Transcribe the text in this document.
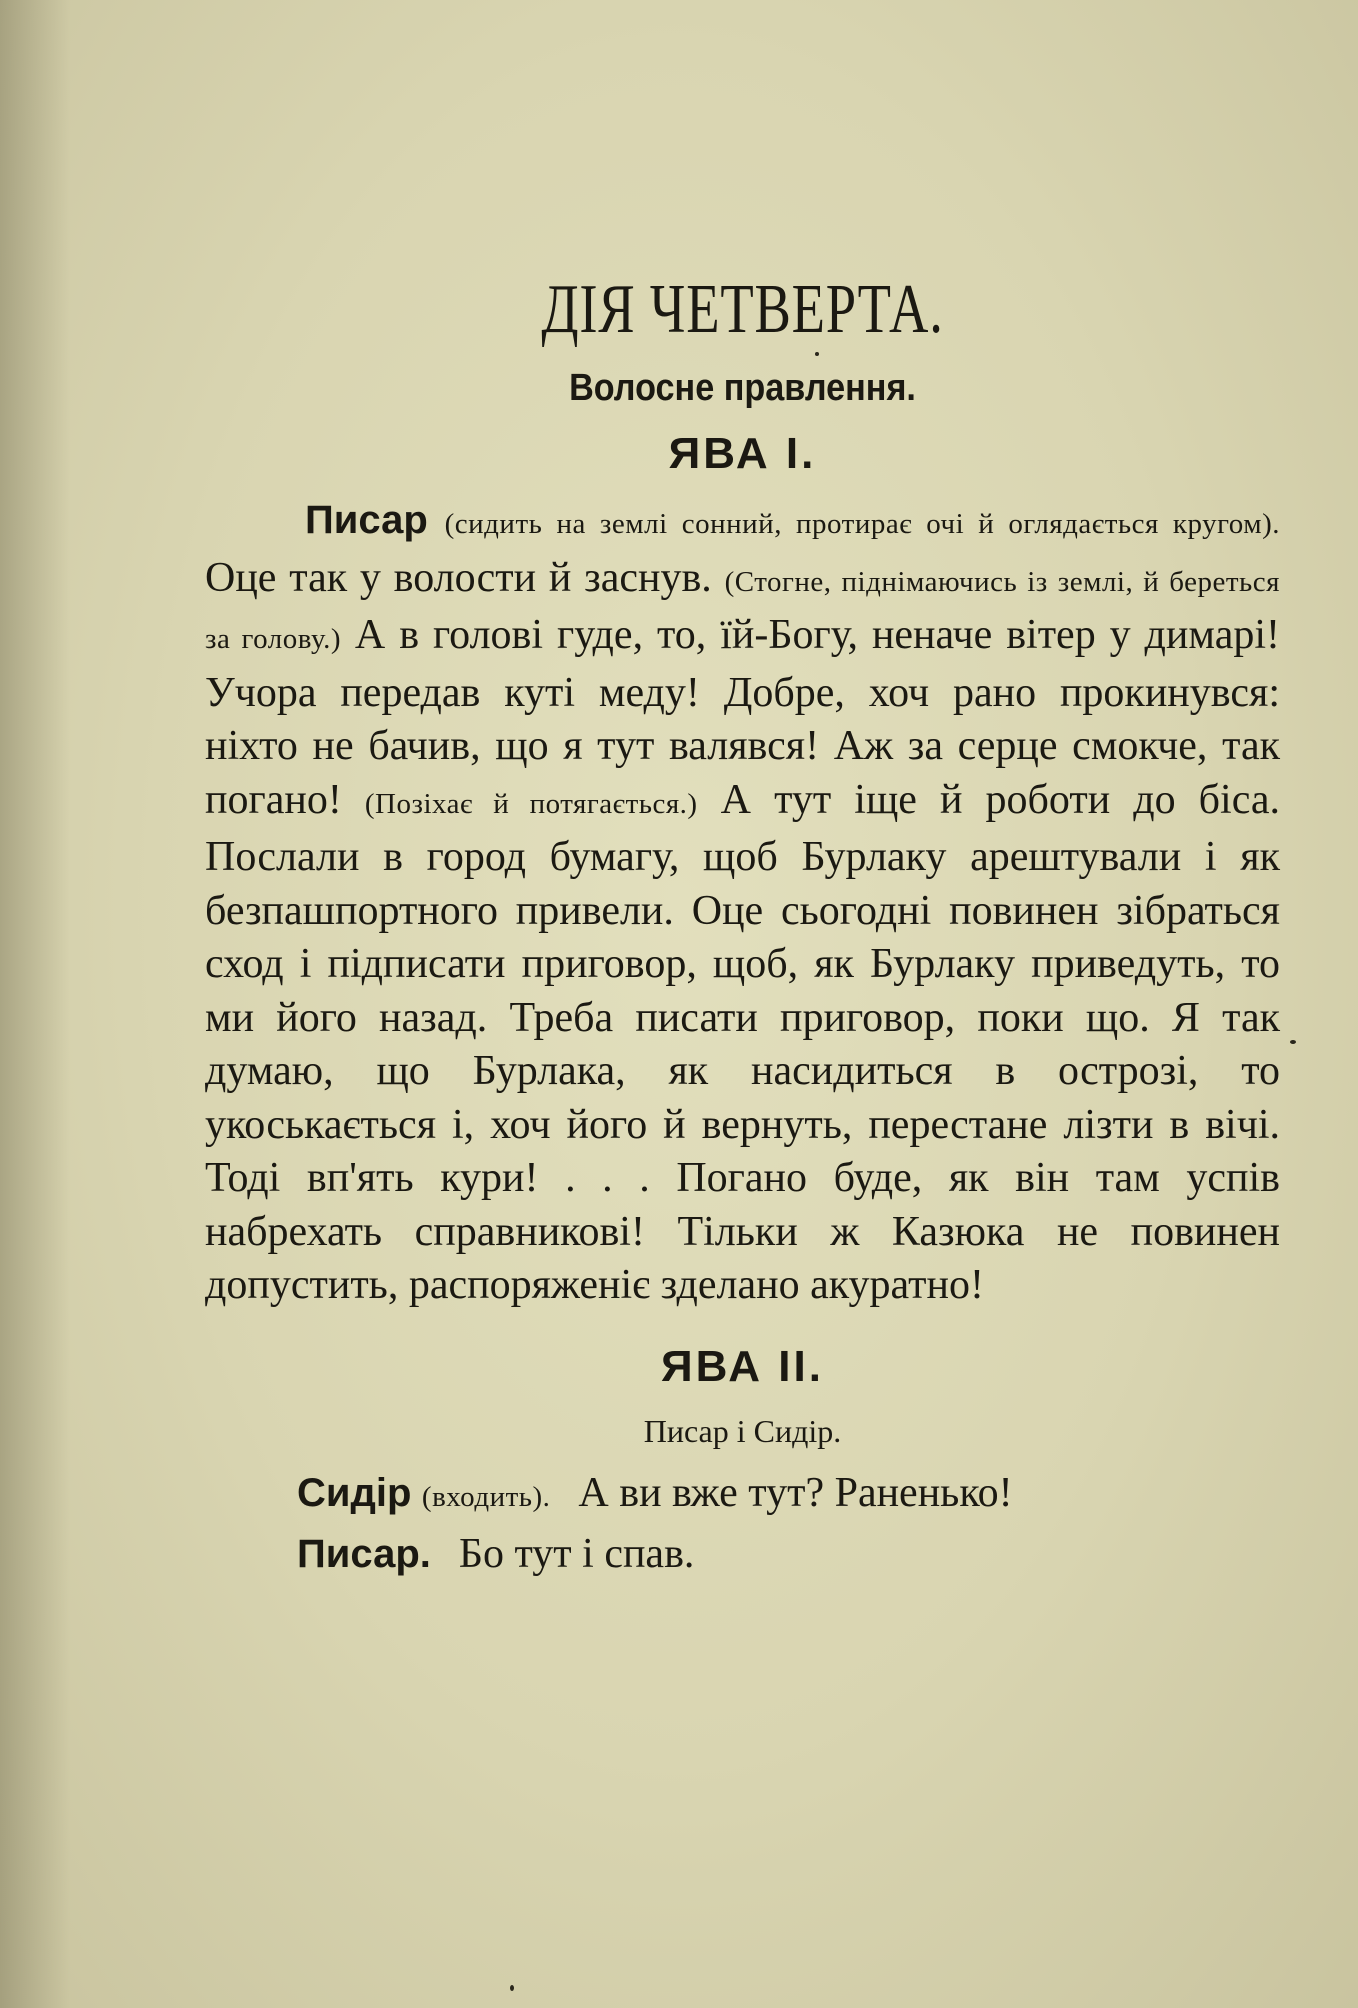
ДІЯ ЧЕТВЕРТА.
Волосне правлення.
ЯВА І.

Писар (сидить на землі сонний, протирає очі й оглядається кругом). Оце так у волости й заснув. (Стогне, піднімаючись із землі, й береться за голову.) А в голові гуде, то, їй-Богу, неначе вітер у димарі! Учора передав куті меду! Добре, хоч рано прокинувся: ніхто не бачив, що я тут валявся! Аж за серце смокче, так погано! (Позіхає й потягається.) А тут іще й роботи до біса. Послали в город бумагу, щоб Бурлаку арештували і як безпашпортного привели. Оце сьогодні повинен зібраться сход і підписати приговор, щоб, як Бурлаку приведуть, то ми його назад. Треба писати приговор, поки що. Я так думаю, що Бурлака, як насидиться в острозі, то укоськається і, хоч його й вернуть, перестане лізти в вічі. Тоді вп'ять кури! . . . Погано буде, як він там успів набрехать справникові! Тільки ж Казюка не повинен допустить, распоряженіє зделано акуратно!

ЯВА II.
Писар і Сидір.

Сидір (входить). А ви вже тут? Раненько!

Писар. Бо тут і спав.
